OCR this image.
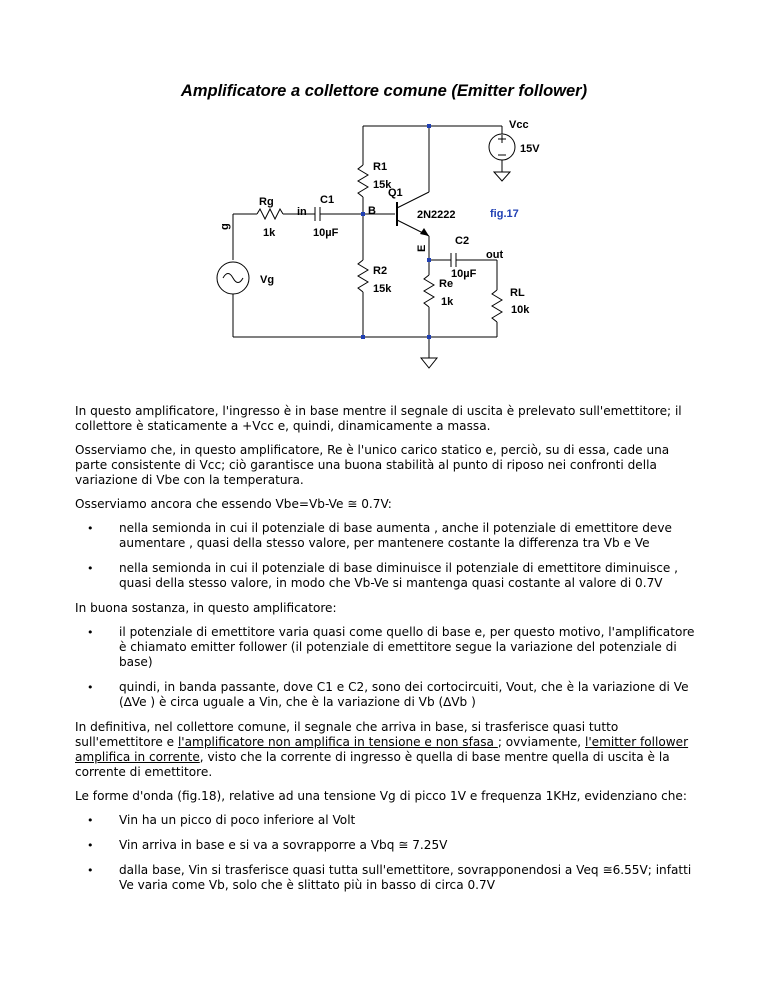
Amplificatore a collettore comune (Emitter follower)
Vcc
15V
R1
15k
Q1
Rg
in
C1
B	2N2222	fig.17
1k	10µF
C2
out
g
E
R2
15k
Vg	10µF
Re
1k
RL
10k

In questo amplificatore, l'ingresso è in base mentre il segnale di uscita è prelevato sull'emettitore; il collettore è staticamente a +Vcc e, quindi, dinamicamente a massa.

Osserviamo che, in questo amplificatore, Re è l'unico carico statico e, perciò, su di essa, cade una parte consistente di Vcc; ciò garantisce una buona stabilità al punto di riposo nei confronti della variazione di Vbe con la temperatura.

Osserviamo ancora che essendo Vbe=Vb-Ve ≅ 0.7V:

•	nella semionda in cui il potenziale di base aumenta , anche il potenziale di emettitore deve aumentare , quasi della stesso valore, per mantenere costante la differenza tra Vb e Ve
•	nella semionda in cui il potenziale di base diminuisce il potenziale di emettitore diminuisce , quasi della stesso valore, in modo che Vb-Ve si mantenga quasi costante al valore di 0.7V

In buona sostanza, in questo amplificatore:

•	il potenziale di emettitore varia quasi come quello di base e, per questo motivo, l'amplificatore è chiamato emitter follower (il potenziale di emettitore segue la variazione del potenziale di base)
•	quindi, in banda passante, dove C1 e C2, sono dei cortocircuiti, Vout, che è la variazione di Ve (∆Ve ) è circa uguale a Vin, che è la variazione di Vb (∆Vb )

In definitiva, nel collettore comune, il segnale che arriva in base, si trasferisce quasi tutto sull'emettitore e l'amplificatore non amplifica in tensione e non sfasa ; ovviamente, l'emitter follower amplifica in corrente, visto che la corrente di ingresso è quella di base mentre quella di uscita è la corrente di emettitore.

Le forme d'onda (fig.18), relative ad una tensione Vg di picco 1V e frequenza 1KHz, evidenziano che:

•	Vin ha un picco di poco inferiore al Volt
•	Vin arriva in base e si va a sovrapporre a Vbq ≅ 7.25V
•	dalla base, Vin si trasferisce quasi tutta sull'emettitore, sovrapponendosi a Veq ≅6.55V; infatti Ve varia come Vb, solo che è slittato più in basso di circa 0.7V
